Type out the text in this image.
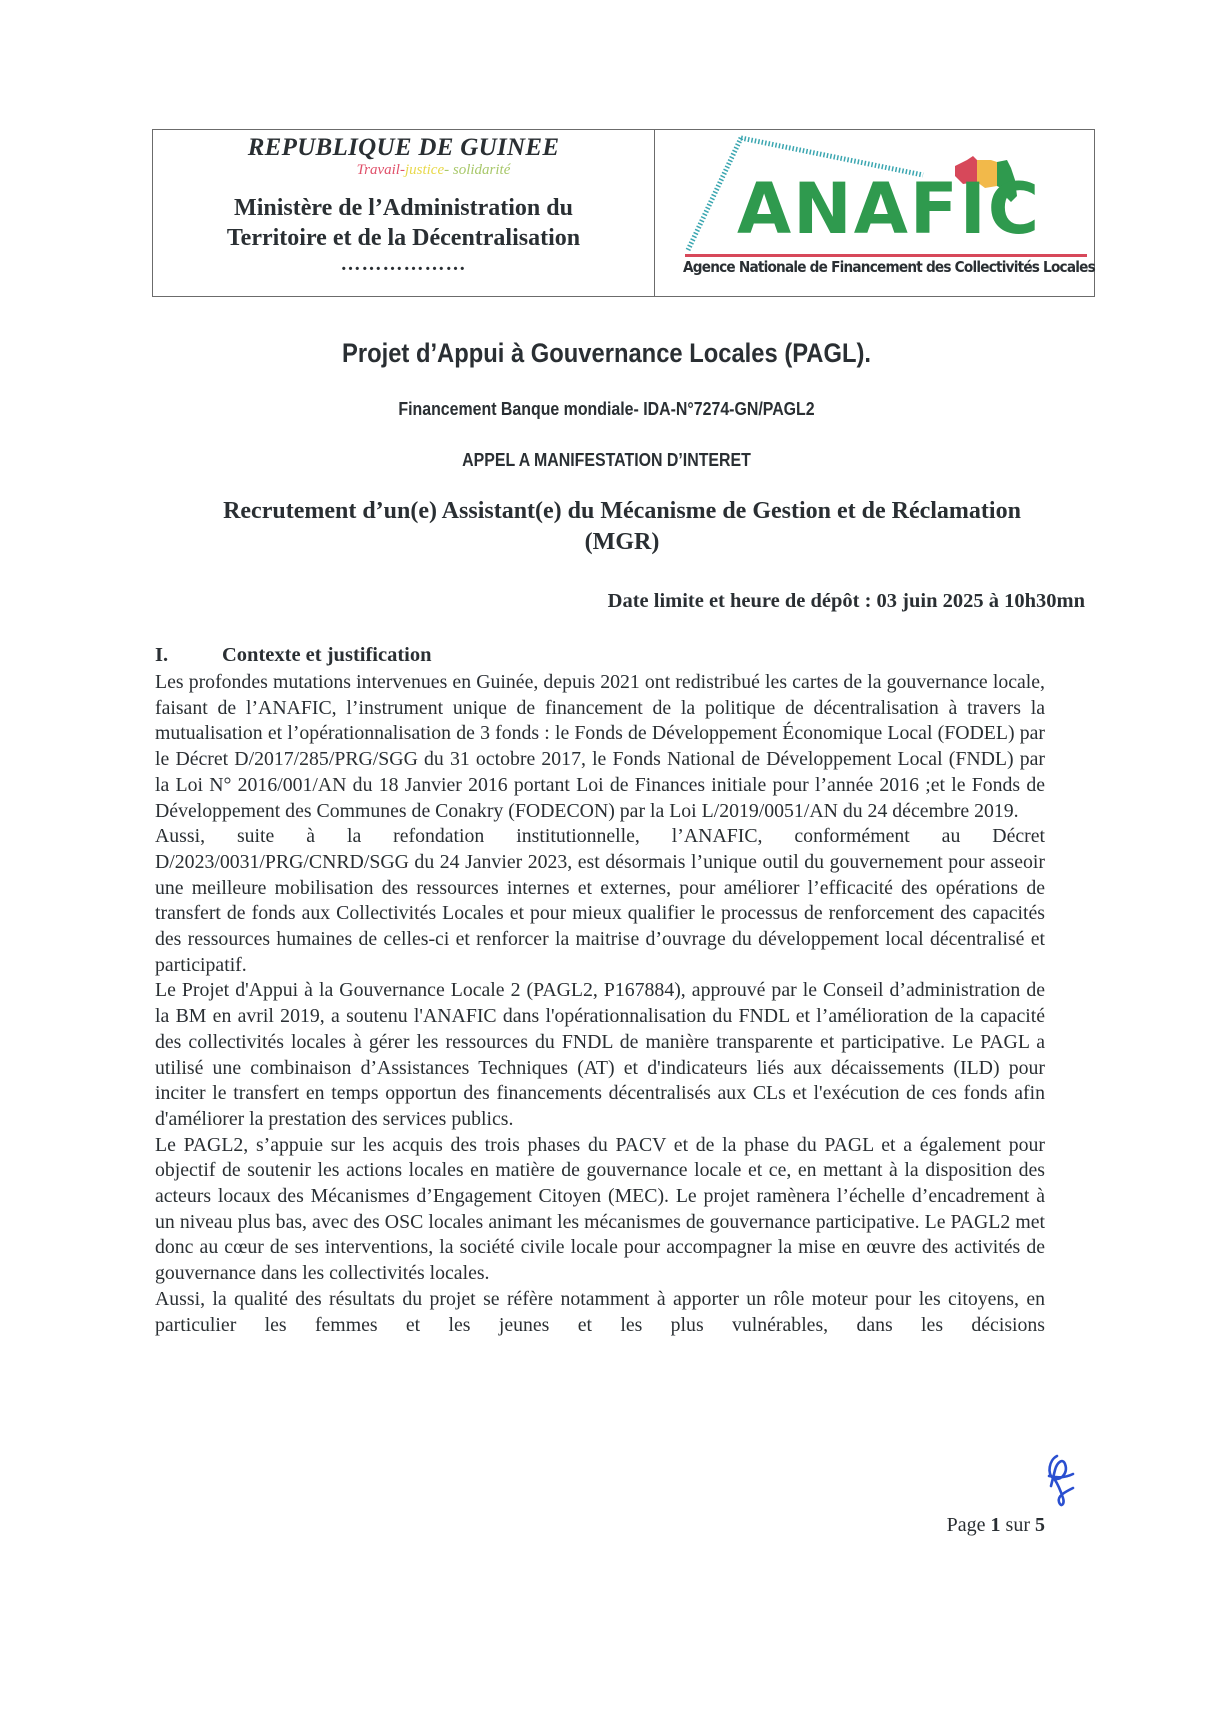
REPUBLIQUE DE GUINEE
Travail-justice- solidarité
Ministère de l’Administration du
Territoire et de la Décentralisation
………………
ANAFIC
Agence Nationale de Financement des Collectivités Locales
Projet d’Appui à Gouvernance Locales (PAGL).
Financement Banque mondiale- IDA-N°7274-GN/PAGL2
APPEL A MANIFESTATION D’INTERET
Recrutement d’un(e) Assistant(e) du Mécanisme de Gestion et de Réclamation
(MGR)
Date limite et heure de dépôt : 03 juin 2025 à 10h30mn
I.	Contexte et justification

Les profondes mutations intervenues en Guinée, depuis 2021 ont redistribué les cartes de la gouvernance locale, faisant de l’ANAFIC, l’instrument unique de financement de la politique de décentralisation à travers la mutualisation et l’opérationnalisation de 3 fonds : le Fonds de Développement Économique Local (FODEL) par le Décret D/2017/285/PRG/SGG du 31 octobre 2017, le Fonds National de Développement Local (FNDL) par la Loi N° 2016/001/AN du 18 Janvier 2016 portant Loi de Finances initiale pour l’année 2016 ;et le Fonds de Développement des Communes de Conakry (FODECON) par la Loi L/2019/0051/AN du 24 décembre 2019.

Aussi, suite à la refondation institutionnelle, l’ANAFIC, conformément au Décret D/2023/0031/PRG/CNRD/SGG du 24 Janvier 2023, est désormais l’unique outil du gouvernement pour asseoir une meilleure mobilisation des ressources internes et externes, pour améliorer l’efficacité des opérations de transfert de fonds aux Collectivités Locales et pour mieux qualifier le processus de renforcement des capacités des ressources humaines de celles-ci et renforcer la maitrise d’ouvrage du développement local décentralisé et participatif.

Le Projet d'Appui à la Gouvernance Locale 2 (PAGL2, P167884), approuvé par le Conseil d’administration de la BM en avril 2019, a soutenu l'ANAFIC dans l'opérationnalisation du FNDL et l’amélioration de la capacité des collectivités locales à gérer les ressources du FNDL de manière transparente et participative. Le PAGL a utilisé une combinaison d’Assistances Techniques (AT) et d'indicateurs liés aux décaissements (ILD) pour inciter le transfert en temps opportun des financements décentralisés aux CLs et l'exécution de ces fonds afin d'améliorer la prestation des services publics.

Le PAGL2, s’appuie sur les acquis des trois phases du PACV et de la phase du PAGL et a également pour objectif de soutenir les actions locales en matière de gouvernance locale et ce, en mettant à la disposition des acteurs locaux des Mécanismes d’Engagement Citoyen (MEC). Le projet ramènera l’échelle d’encadrement à un niveau plus bas, avec des OSC locales animant les mécanismes de gouvernance participative. Le PAGL2 met donc au cœur de ses interventions, la société civile locale pour accompagner la mise en œuvre des activités de gouvernance dans les collectivités locales.

Aussi, la qualité des résultats du projet se réfère notamment à apporter un rôle moteur pour les citoyens, en particulier les femmes et les jeunes et les plus vulnérables, dans les décisions

Page 1 sur 5
